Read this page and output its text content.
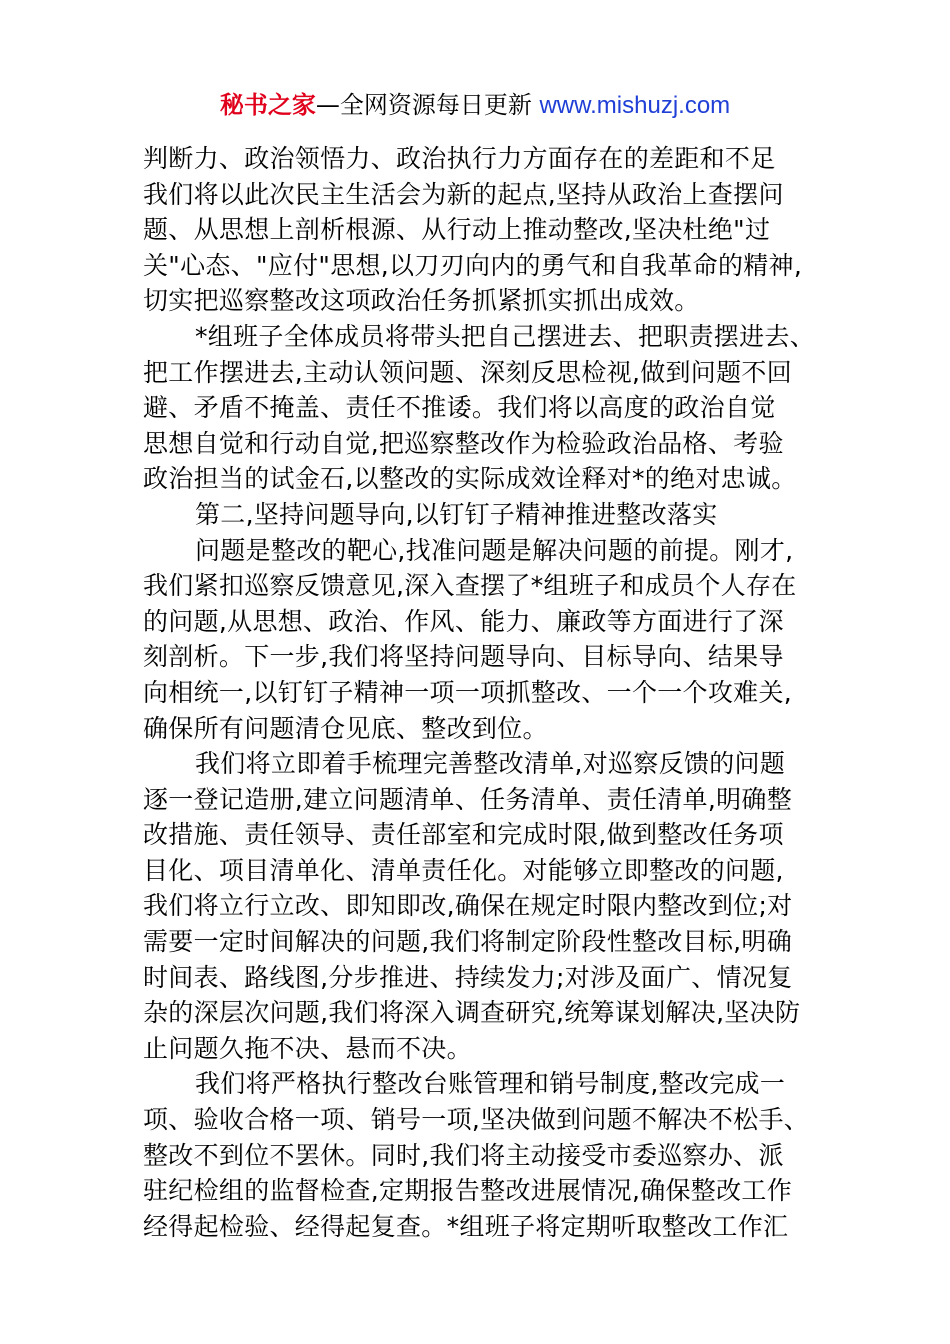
秘书之家—全网资源每日更新 www.mishuzj.com
判断力、政治领悟力、政治执行力方面存在的差距和不足
我们将以此次民主生活会为新的起点,坚持从政治上查摆问
题、从思想上剖析根源、从行动上推动整改,坚决杜绝"过
关"心态、"应付"思想,以刀刃向内的勇气和自我革命的精神,
切实把巡察整改这项政治任务抓紧抓实抓出成效。
*组班子全体成员将带头把自己摆进去、把职责摆进去、
把工作摆进去,主动认领问题、深刻反思检视,做到问题不回
避、矛盾不掩盖、责任不推诿。我们将以高度的政治自觉
思想自觉和行动自觉,把巡察整改作为检验政治品格、考验
政治担当的试金石,以整改的实际成效诠释对*的绝对忠诚。
第二,坚持问题导向,以钉钉子精神推进整改落实
问题是整改的靶心,找准问题是解决问题的前提。刚才,
我们紧扣巡察反馈意见,深入查摆了*组班子和成员个人存在
的问题,从思想、政治、作风、能力、廉政等方面进行了深
刻剖析。下一步,我们将坚持问题导向、目标导向、结果导
向相统一,以钉钉子精神一项一项抓整改、一个一个攻难关,
确保所有问题清仓见底、整改到位。
我们将立即着手梳理完善整改清单,对巡察反馈的问题
逐一登记造册,建立问题清单、任务清单、责任清单,明确整
改措施、责任领导、责任部室和完成时限,做到整改任务项
目化、项目清单化、清单责任化。对能够立即整改的问题,
我们将立行立改、即知即改,确保在规定时限内整改到位;对
需要一定时间解决的问题,我们将制定阶段性整改目标,明确
时间表、路线图,分步推进、持续发力;对涉及面广、情况复
杂的深层次问题,我们将深入调查研究,统筹谋划解决,坚决防
止问题久拖不决、悬而不决。
我们将严格执行整改台账管理和销号制度,整改完成一
项、验收合格一项、销号一项,坚决做到问题不解决不松手、
整改不到位不罢休。同时,我们将主动接受市委巡察办、派
驻纪检组的监督检查,定期报告整改进展情况,确保整改工作
经得起检验、经得起复查。*组班子将定期听取整改工作汇
